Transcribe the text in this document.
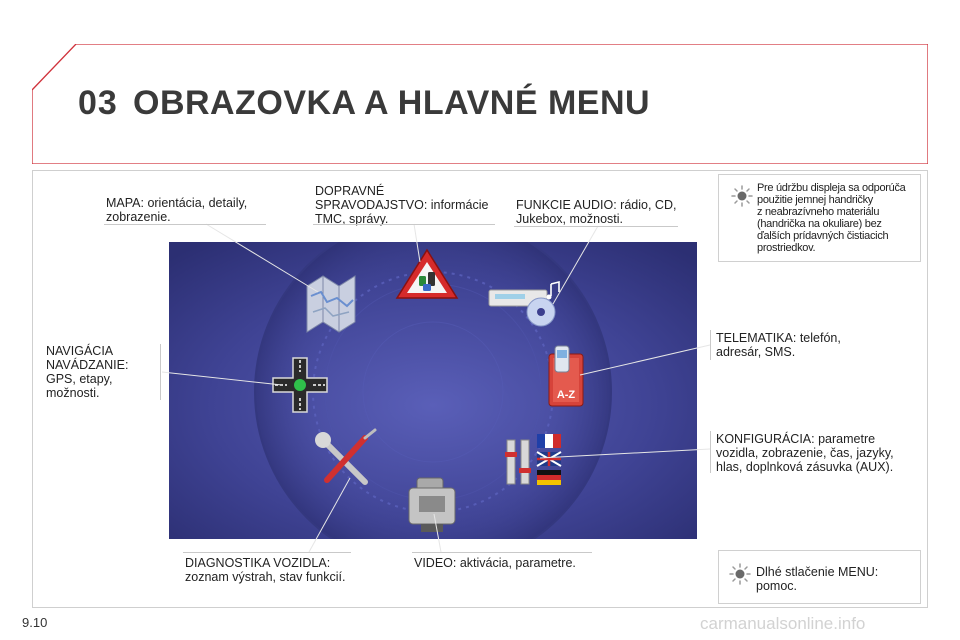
03 OBRAZOVKA A HLAVNÉ MENU
A-Z
MAPA: orientácia, detaily,
zobrazenie.
DOPRAVNÉ
SPRAVODAJSTVO: informácie
TMC, správy.
FUNKCIE AUDIO: rádio, CD,
Jukebox, možnosti.
NAVIGÁCIA
NAVÁDZANIE:
GPS, etapy,
možnosti.
TELEMATIKA: telefón,
adresár, SMS.
KONFIGURÁCIA: parametre
vozidla, zobrazenie, čas, jazyky,
hlas, doplnková zásuvka (AUX).
DIAGNOSTIKA VOZIDLA:
zoznam výstrah, stav funkcií.
VIDEO: aktivácia, parametre.
Pre údržbu displeja sa odporúča
použitie jemnej handričky
z neabrazívneho materiálu
(handrička na okuliare) bez
ďalších prídavných čistiacich
prostriedkov.
Dlhé stlačenie MENU:
pomoc.
9.10	carmanualsonline.info
